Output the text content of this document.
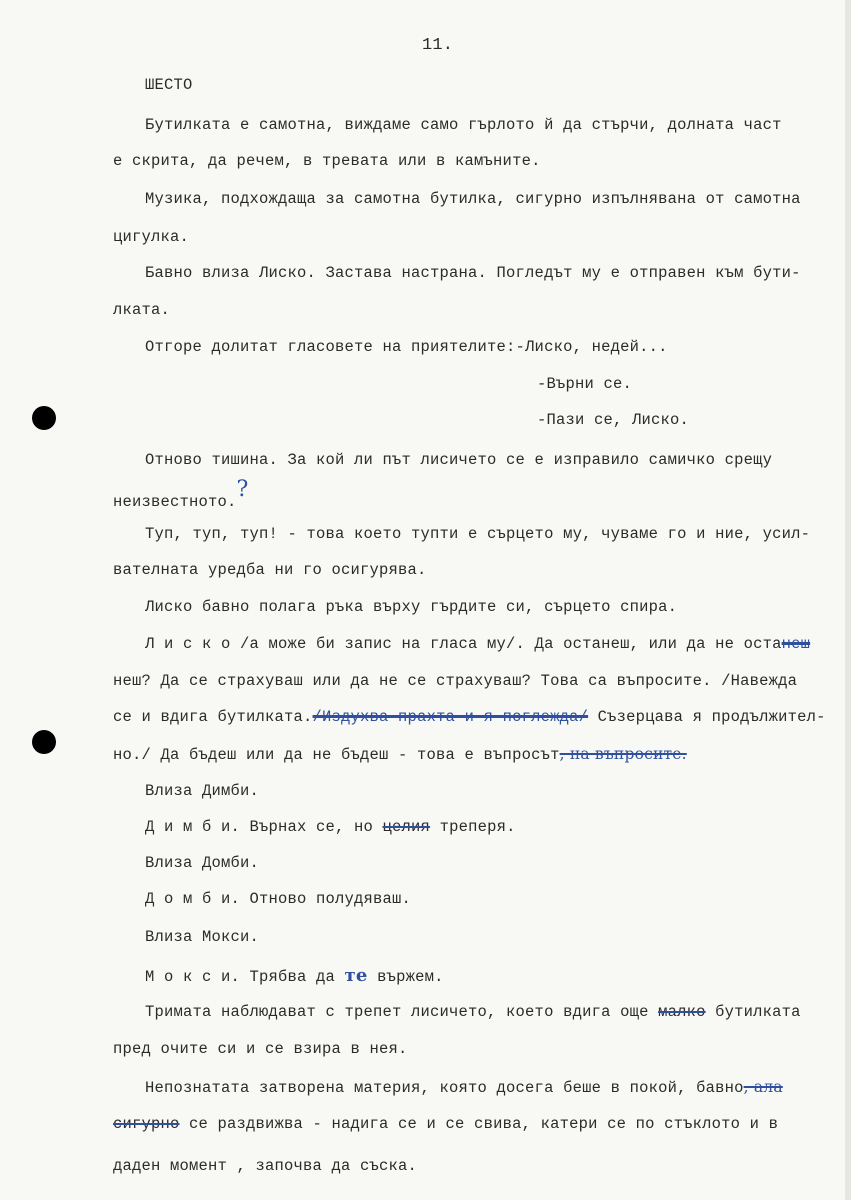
11.
ШЕСТО
Бутилката е самотна, виждаме само гърлото й да стърчи, долната част
е скрита, да речем, в тревата или в камъните.
Музика, подхождаща за самотна бутилка, сигурно изпълнявана от самотна
цигулка.
Бавно влиза Лиско. Застава настрана. Погледът му е отправен към бути-
лката.
Отгоре долитат гласовете на приятелите:-Лиско, недей...
-Върни се.
-Пази се, Лиско.
Отново тишина. За кой ли път лисичето се е изправило самичко срещу
неизвестното.?
Туп, туп, туп! - това което тупти е сърцето му, чуваме го и ние, усил-
вателната уредба ни го осигурява.
Лиско бавно полага ръка върху гърдите си, сърцето спира.
Л и с к о /а може би запис на гласа му/. Да останеш, или да не останеш
неш? Да се страхуваш или да не се страхуваш? Това са въпросите. /Навежда
се и вдига бутилката./Издухва прахта и я поглежда/ Съзерцава я продължител-
но./ Да бъдеш или да не бъдеш - това е въпросът, на въпросите.
Влиза Димби.
Д и м б и. Върнах се, но целия треперя.
Влиза Домби.
Д о м б и. Отново полудяваш.
Влиза Мокси.
М о к с и. Трябва да те вържем.
Тримата наблюдават с трепет лисичето, което вдига още малко бутилката
пред очите си и се взира в нея.
Непознатата затворена материя, която досега беше в покой, бавно, ала
сигурно се раздвижва - надига се и се свива, катери се по стъклото и в
даден момент , започва да съска.
